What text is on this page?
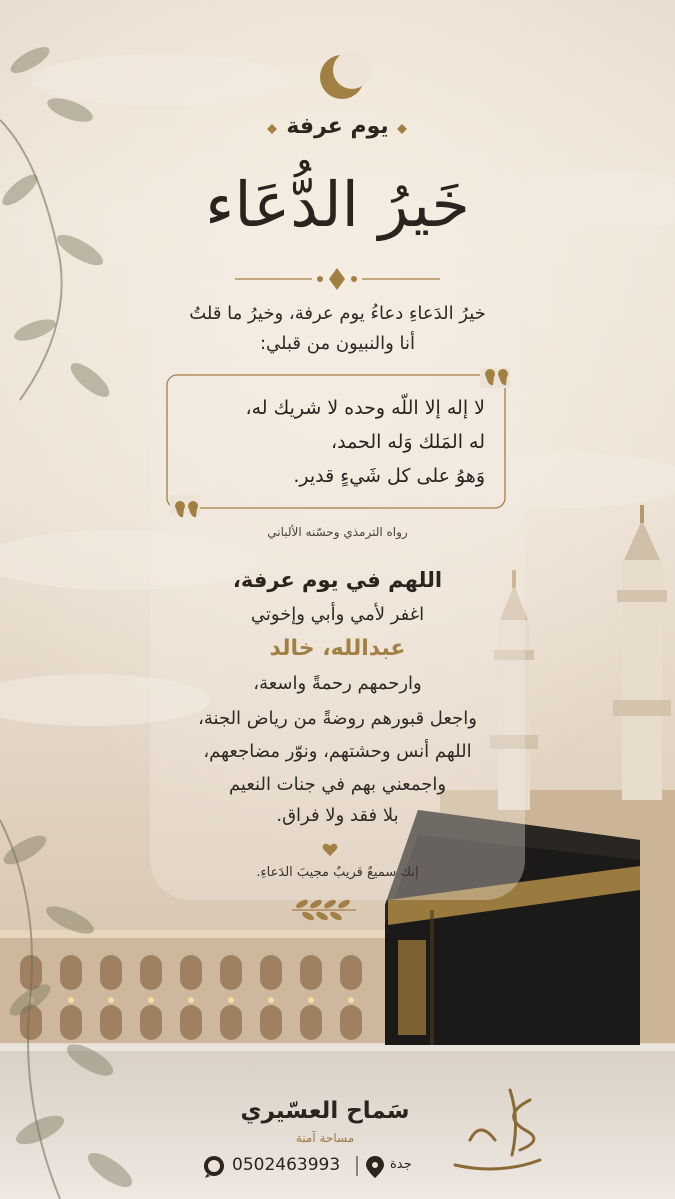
يوم عرفة
خَيرُ الدُّعَاء
خيرُ الدَعاءِ دعاءُ يوم عرفة، وخيرُ ما قلتُ
أنا والنبيون من قبلي:
لا إله إلا اللّه وحده لا شريك له،
له المَلك وَله الحمد،
وَهوُ على كل شَيءٍ قدير.
رواه الترمذي وحسّنه الألباني
اللهم في يوم عرفة،
اغفر لأمي وأبي وإخوتي
عبدالله، خالد
وارحمهم رحمةً واسعة،
واجعل قبورهم روضةً من رياض الجنة،
اللهم أنس وحشتهم، ونوّر مضاجعهم،
واجمعني بهم في جنات النعيم
بلا فقد ولا فراق.
إنك سميعٌ قريبٌ مجيبَ الدَعاءِ.
سَماح العسّيري
مساحة آمنة
0502463993	جدة
